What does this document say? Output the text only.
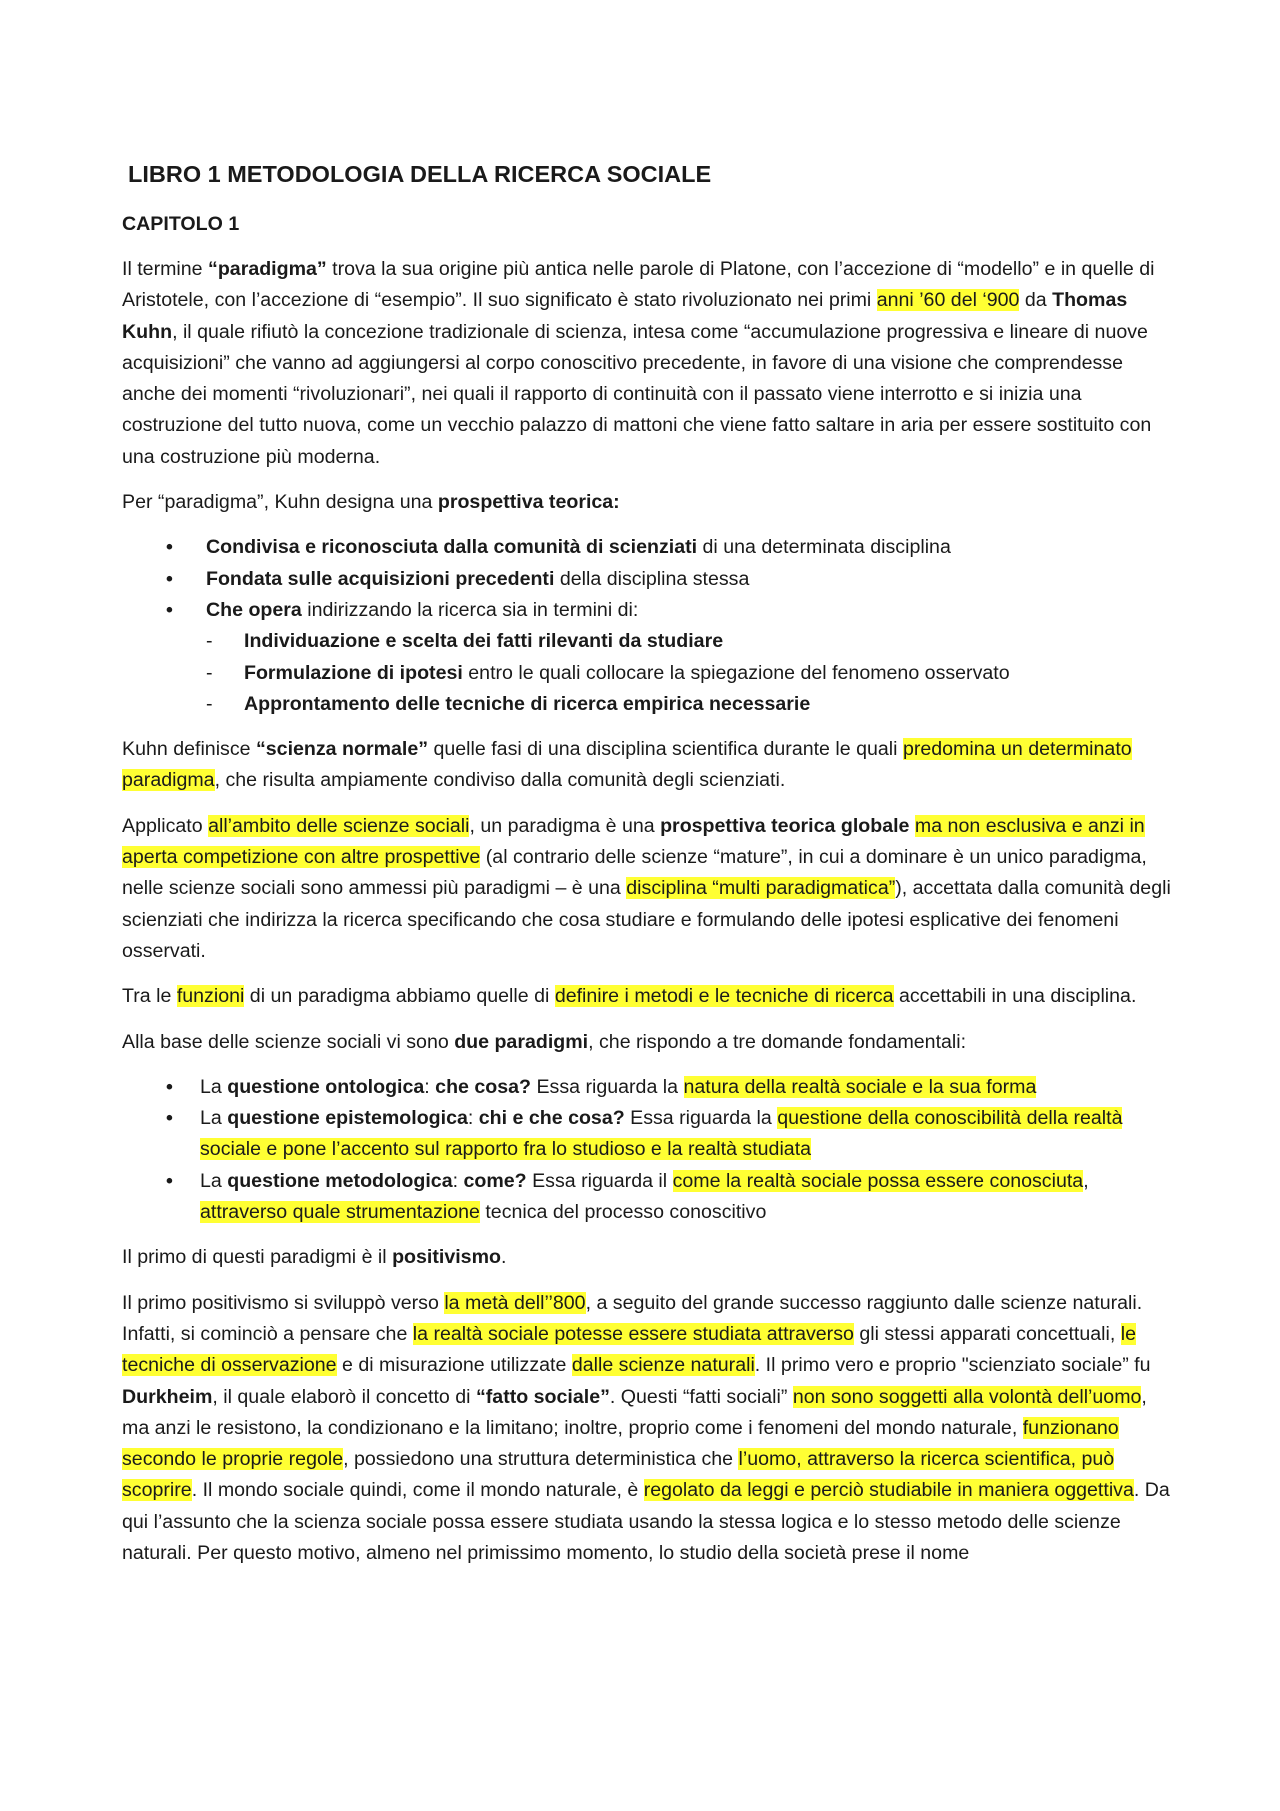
LIBRO 1 METODOLOGIA DELLA RICERCA SOCIALE
CAPITOLO 1

Il termine “paradigma” trova la sua origine più antica nelle parole di Platone, con l’accezione di “modello” e in quelle di Aristotele, con l’accezione di “esempio”. Il suo significato è stato rivoluzionato nei primi anni ’60 del ‘900 da Thomas Kuhn, il quale rifiutò la concezione tradizionale di scienza, intesa come “accumulazione progressiva e lineare di nuove acquisizioni” che vanno ad aggiungersi al corpo conoscitivo precedente, in favore di una visione che comprendesse anche dei momenti “rivoluzionari”, nei quali il rapporto di continuità con il passato viene interrotto e si inizia una costruzione del tutto nuova, come un vecchio palazzo di mattoni che viene fatto saltare in aria per essere sostituito con una costruzione più moderna.

Per “paradigma”, Kuhn designa una prospettiva teorica:

• Condivisa e riconosciuta dalla comunità di scienziati di una determinata disciplina
• Fondata sulle acquisizioni precedenti della disciplina stessa
• Che opera indirizzando la ricerca sia in termini di:
- Individuazione e scelta dei fatti rilevanti da studiare
- Formulazione di ipotesi entro le quali collocare la spiegazione del fenomeno osservato
- Approntamento delle tecniche di ricerca empirica necessarie

Kuhn definisce “scienza normale” quelle fasi di una disciplina scientifica durante le quali predomina un determinato paradigma, che risulta ampiamente condiviso dalla comunità degli scienziati.

Applicato all’ambito delle scienze sociali, un paradigma è una prospettiva teorica globale ma non esclusiva e anzi in aperta competizione con altre prospettive (al contrario delle scienze “mature”, in cui a dominare è un unico paradigma, nelle scienze sociali sono ammessi più paradigmi – è una disciplina “multi paradigmatica”), accettata dalla comunità degli scienziati che indirizza la ricerca specificando che cosa studiare e formulando delle ipotesi esplicative dei fenomeni osservati.

Tra le funzioni di un paradigma abbiamo quelle di definire i metodi e le tecniche di ricerca accettabili in una disciplina.

Alla base delle scienze sociali vi sono due paradigmi, che rispondo a tre domande fondamentali:

• La questione ontologica: che cosa? Essa riguarda la natura della realtà sociale e la sua forma
• La questione epistemologica: chi e che cosa? Essa riguarda la questione della conoscibilità della realtà sociale e pone l’accento sul rapporto fra lo studioso e la realtà studiata
• La questione metodologica: come? Essa riguarda il come la realtà sociale possa essere conosciuta, attraverso quale strumentazione tecnica del processo conoscitivo

Il primo di questi paradigmi è il positivismo.

Il primo positivismo si sviluppò verso la metà dell’’800, a seguito del grande successo raggiunto dalle scienze naturali. Infatti, si cominciò a pensare che la realtà sociale potesse essere studiata attraverso gli stessi apparati concettuali, le tecniche di osservazione e di misurazione utilizzate dalle scienze naturali. Il primo vero e proprio "scienziato sociale” fu Durkheim, il quale elaborò il concetto di “fatto sociale”. Questi “fatti sociali” non sono soggetti alla volontà dell’uomo, ma anzi le resistono, la condizionano e la limitano; inoltre, proprio come i fenomeni del mondo naturale, funzionano secondo le proprie regole, possiedono una struttura deterministica che l’uomo, attraverso la ricerca scientifica, può scoprire. Il mondo sociale quindi, come il mondo naturale, è regolato da leggi e perciò studiabile in maniera oggettiva. Da qui l’assunto che la scienza sociale possa essere studiata usando la stessa logica e lo stesso metodo delle scienze naturali. Per questo motivo, almeno nel primissimo momento, lo studio della società prese il nome
